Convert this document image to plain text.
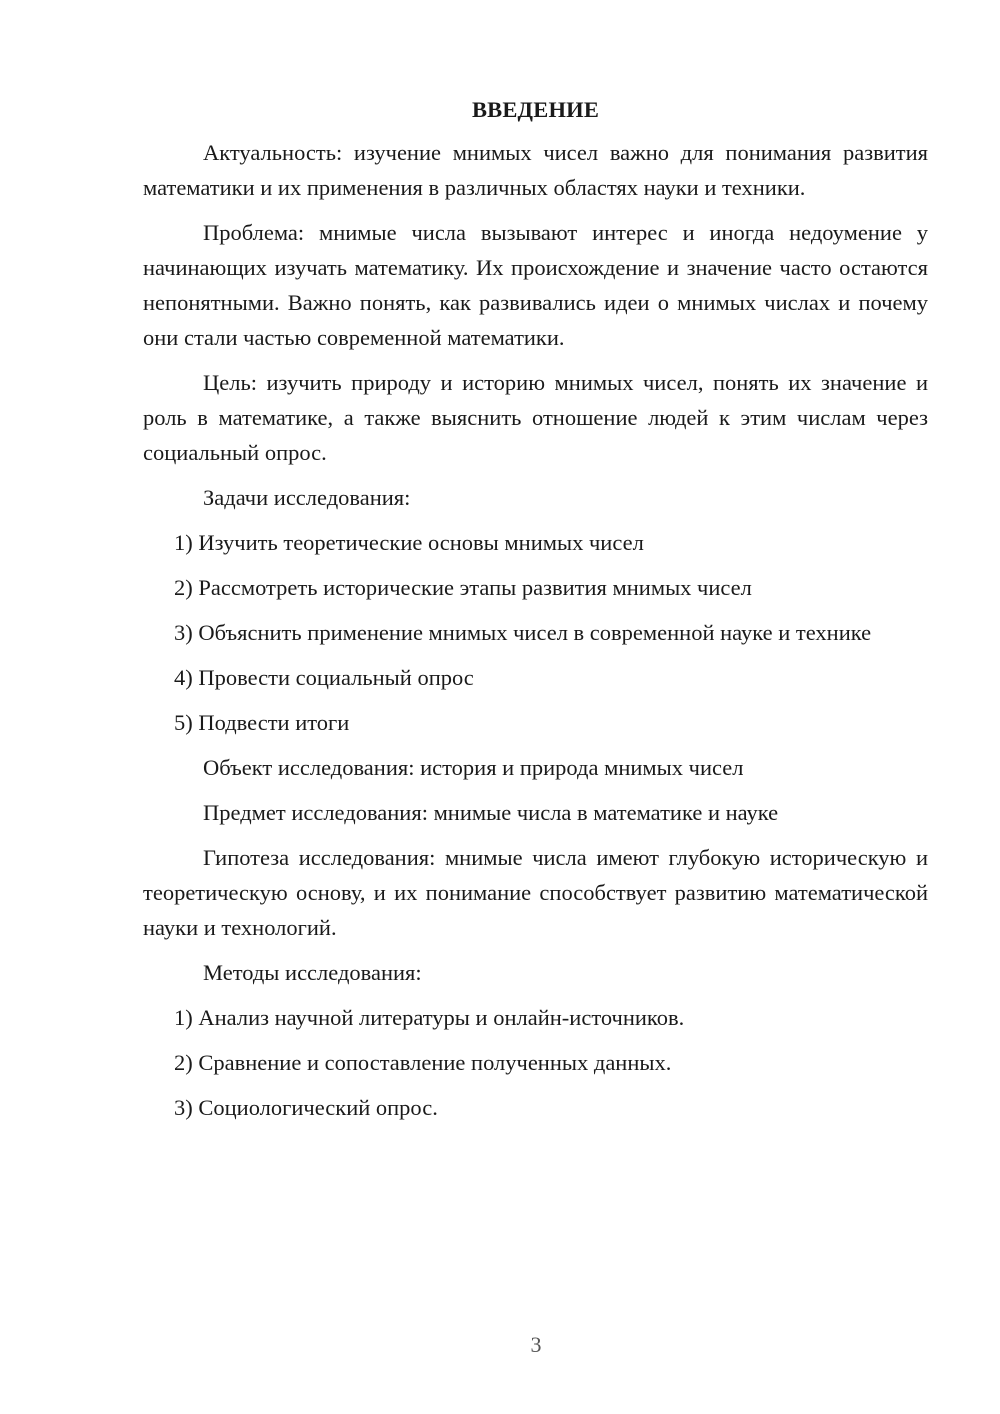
ВВЕДЕНИЕ

Актуальность: изучение мнимых чисел важно для понимания развития математики и их применения в различных областях науки и техники.

Проблема: мнимые числа вызывают интерес и иногда недоумение у начинающих изучать математику. Их происхождение и значение часто остаются непонятными. Важно понять, как развивались идеи о мнимых числах и почему они стали частью современной математики.

Цель: изучить природу и историю мнимых чисел, понять их значение и роль в математике, а также выяснить отношение людей к этим числам через социальный опрос.

Задачи исследования:
1) Изучить теоретические основы мнимых чисел
2) Рассмотреть исторические этапы развития мнимых чисел
3) Объяснить применение мнимых чисел в современной науке и технике
4) Провести социальный опрос
5) Подвести итоги
Объект исследования: история и природа мнимых чисел
Предмет исследования: мнимые числа в математике и науке

Гипотеза исследования: мнимые числа имеют глубокую историческую и теоретическую основу, и их понимание способствует развитию математической науки и технологий.

Методы исследования:
1) Анализ научной литературы и онлайн-источников.
2) Сравнение и сопоставление полученных данных.
3) Социологический опрос.
3
